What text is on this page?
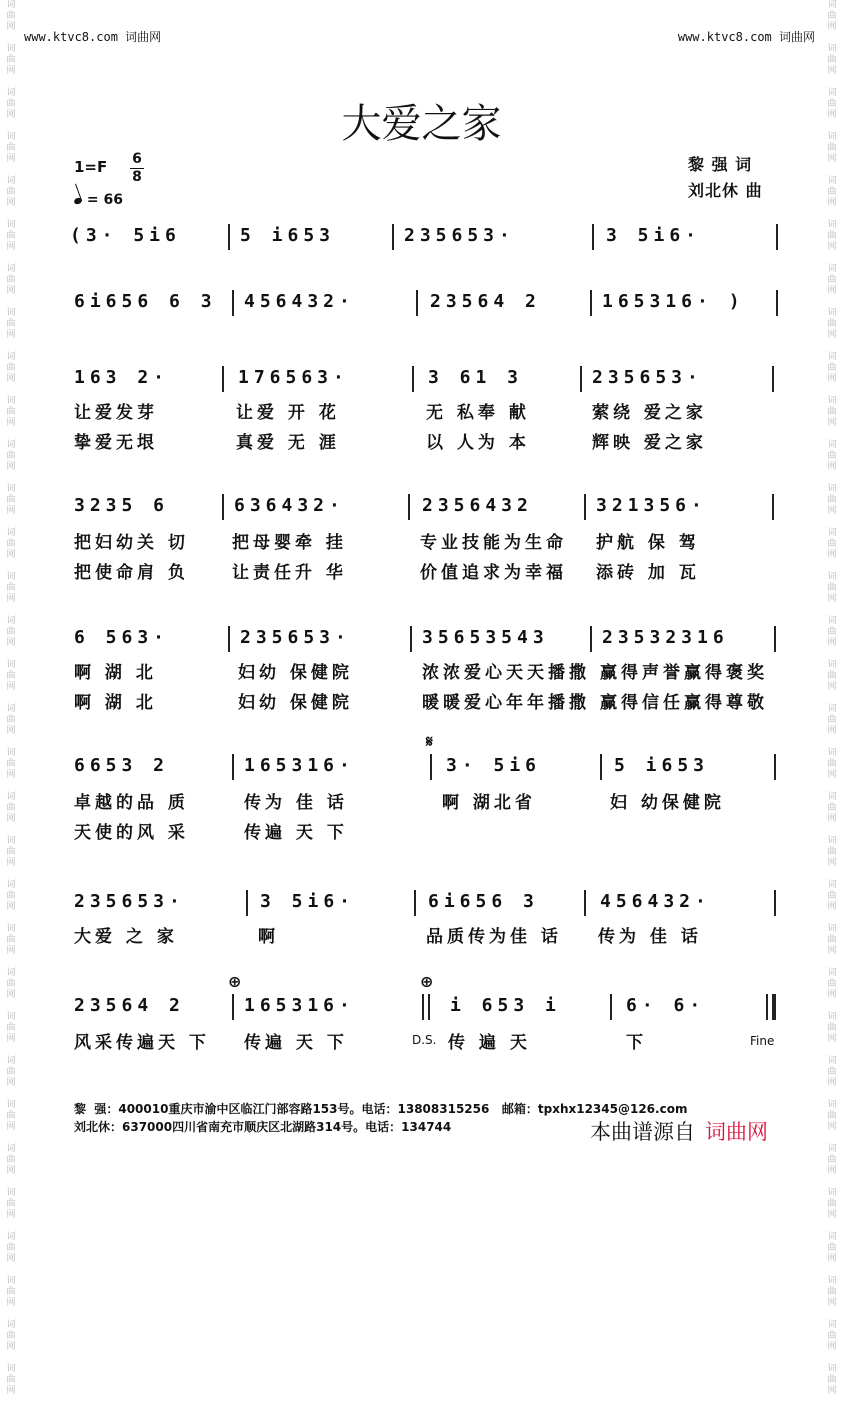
词
曲
网

词
曲
网

词
曲
网

词
曲
网

词
曲
网

词
曲
网

词
曲
网

词
曲
网

词
曲
网

词
曲
网

词
曲
网

词
曲
网

词
曲
网

词
曲
网

词
曲
网

词
曲
网

词
曲
网

词
曲
网

词
曲
网

词
曲
网

词
曲
网

词
曲
网

词
曲
网

词
曲
网

词
曲
网

词
曲
网

词
曲
网

词
曲
网

词
曲
网

词
曲
网

词
曲
网

词
曲
网

词
曲
网

词
曲
网

词
曲
网

词
曲
网

词
曲
网

词
曲
网

词
曲
网

词
曲
网

词
曲
网

词
曲
网

词
曲
网

词
曲
网

词
曲
网

词
曲
网

词
曲
网

词
曲
网

词
曲
网

词
曲
网

词
曲
网

词
曲
网

词
曲
网

词
曲
网

词
曲
网

词
曲
网

词
曲
网

词
曲
网

词
曲
网

词
曲
网

词
曲
网

词
曲
网

词
曲
网

词
曲
网

www.ktvc8.com 词曲网	www.ktvc8.com 词曲网
大爱之家
1=F 6
8
= 66
黎 强 词
刘北休 曲
(3· 5i6	5 i653	235653·	3 5i6·
6i656 6 3 456432·	23564 2	165316· )
163 2·	176563·	3 61 3	235653·
让爱发芽	让爱 开 花	无 私奉 献	萦绕 爱之家
挚爱无垠	真爱 无 涯	以 人为 本	辉映 爱之家
3235 6	636432·	2356432	321356·
把妇幼关 切	把母婴牵 挂	专业技能为生命 护航 保 驾
把使命肩 负	让责任升 华	价值追求为幸福 添砖 加 瓦
6 563·	235653·	35653543	23532316
啊 湖 北	妇幼 保健院	浓浓爱心天天播撒 赢得声誉赢得褒奖
啊 湖 北	妇幼 保健院	暖暖爱心年年播撒 赢得信任赢得尊敬
𝄋
6653 2	165316·	3· 5i6	5 i653
卓越的品 质	传为 佳 话	啊 湖北省	妇 幼保健院
天使的风 采	传遍 天 下
235653·	3 5i6·	6i656 3	456432·
大爱 之 家	啊	品质传为佳 话 传为 佳 话
⊕	⊕
23564 2	165316·	i 653 i	6· 6·
风采传遍天 下 传遍 天 下	传 遍 天	下
D.S.	Fine
黎  强：400010重庆市渝中区临江门部容路153号。电话：13808315256   邮箱：tpxhx12345@126.com
刘北休：637000四川省南充市顺庆区北湖路314号。电话：134744	本曲谱源自 词曲网
